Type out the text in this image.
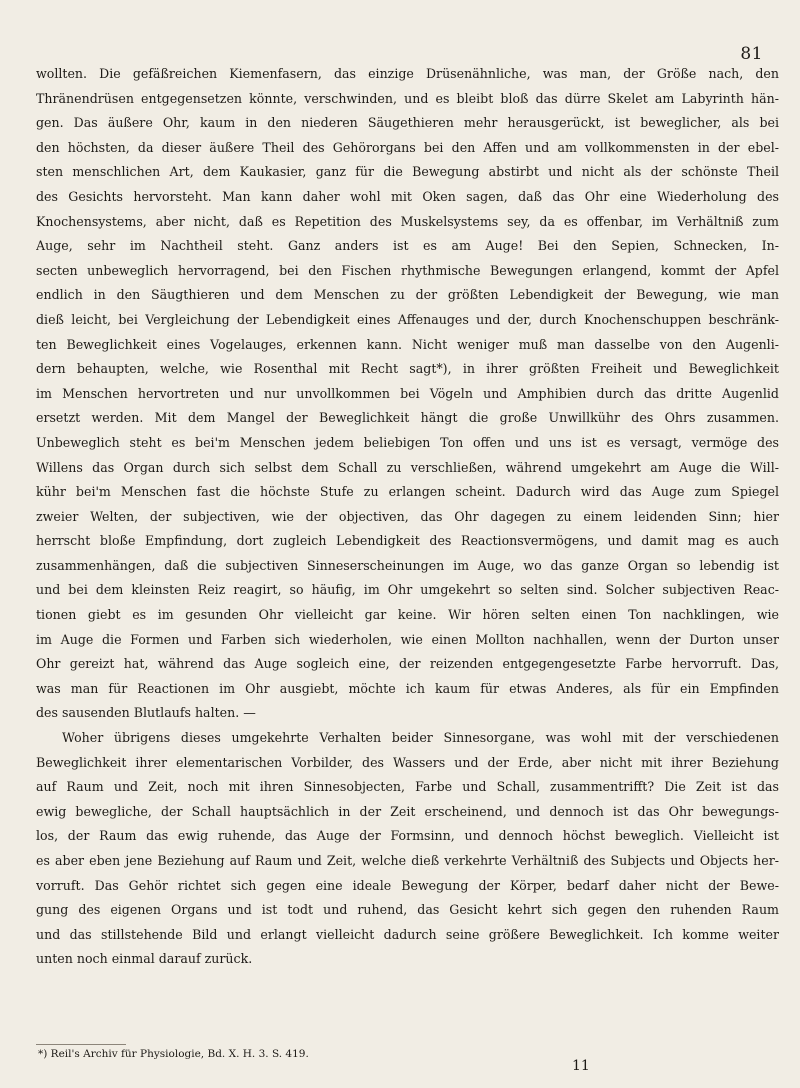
81
wollten. Die gefäßreichen Kiemenfasern, das einzige Drüsenähnliche, was man, der Größe nach, den
Thränendrüsen entgegensetzen könnte, verschwinden, und es bleibt bloß das dürre Skelet am Labyrinth hän-
gen. Das äußere Ohr, kaum in den niederen Säugethieren mehr herausgerückt, ist beweglicher, als bei
den höchsten, da dieser äußere Theil des Gehörorgans bei den Affen und am vollkommensten in der ebel-
sten menschlichen Art, dem Kaukasier, ganz für die Bewegung abstirbt und nicht als der schönste Theil
des Gesichts hervorsteht. Man kann daher wohl mit Oken sagen, daß das Ohr eine Wiederholung des
Knochensystems, aber nicht, daß es Repetition des Muskelsystems sey, da es offenbar, im Verhältniß zum
Auge, sehr im Nachtheil steht. Ganz anders ist es am Auge! Bei den Sepien, Schnecken, In-
secten unbeweglich hervorragend, bei den Fischen rhythmische Bewegungen erlangend, kommt der Apfel
endlich in den Säugthieren und dem Menschen zu der größten Lebendigkeit der Bewegung, wie man
dieß leicht, bei Vergleichung der Lebendigkeit eines Affenauges und der, durch Knochenschuppen beschränk-
ten Beweglichkeit eines Vogelauges, erkennen kann. Nicht weniger muß man dasselbe von den Augenli-
dern behaupten, welche, wie Rosenthal mit Recht sagt*), in ihrer größten Freiheit und Beweglichkeit
im Menschen hervortreten und nur unvollkommen bei Vögeln und Amphibien durch das dritte Augenlid
ersetzt werden. Mit dem Mangel der Beweglichkeit hängt die große Unwillkühr des Ohrs zusammen.
Unbeweglich steht es bei'm Menschen jedem beliebigen Ton offen und uns ist es versagt, vermöge des
Willens das Organ durch sich selbst dem Schall zu verschließen, während umgekehrt am Auge die Will-
kühr bei'm Menschen fast die höchste Stufe zu erlangen scheint. Dadurch wird das Auge zum Spiegel
zweier Welten, der subjectiven, wie der objectiven, das Ohr dagegen zu einem leidenden Sinn; hier
herrscht bloße Empfindung, dort zugleich Lebendigkeit des Reactionsvermögens, und damit mag es auch
zusammenhängen, daß die subjectiven Sinneserscheinungen im Auge, wo das ganze Organ so lebendig ist
und bei dem kleinsten Reiz reagirt, so häufig, im Ohr umgekehrt so selten sind. Solcher subjectiven Reac-
tionen giebt es im gesunden Ohr vielleicht gar keine. Wir hören selten einen Ton nachklingen, wie
im Auge die Formen und Farben sich wiederholen, wie einen Mollton nachhallen, wenn der Durton unser
Ohr gereizt hat, während das Auge sogleich eine, der reizenden entgegengesetzte Farbe hervorruft. Das,
was man für Reactionen im Ohr ausgiebt, möchte ich kaum für etwas Anderes, als für ein Empfinden
des sausenden Blutlaufs halten. —
Woher übrigens dieses umgekehrte Verhalten beider Sinnesorgane, was wohl mit der verschiedenen
Beweglichkeit ihrer elementarischen Vorbilder, des Wassers und der Erde, aber nicht mit ihrer Beziehung
auf Raum und Zeit, noch mit ihren Sinnesobjecten, Farbe und Schall, zusammentrifft? Die Zeit ist das
ewig bewegliche, der Schall hauptsächlich in der Zeit erscheinend, und dennoch ist das Ohr bewegungs-
los, der Raum das ewig ruhende, das Auge der Formsinn, und dennoch höchst beweglich. Vielleicht ist
es aber eben jene Beziehung auf Raum und Zeit, welche dieß verkehrte Verhältniß des Subjects und Objects her-
vorruft. Das Gehör richtet sich gegen eine ideale Bewegung der Körper, bedarf daher nicht der Bewe-
gung des eigenen Organs und ist todt und ruhend, das Gesicht kehrt sich gegen den ruhenden Raum
und das stillstehende Bild und erlangt vielleicht dadurch seine größere Beweglichkeit. Ich komme weiter
unten noch einmal darauf zurück.
*) Reil's Archiv für Physiologie, Bd. X. H. 3. S. 419.
11
